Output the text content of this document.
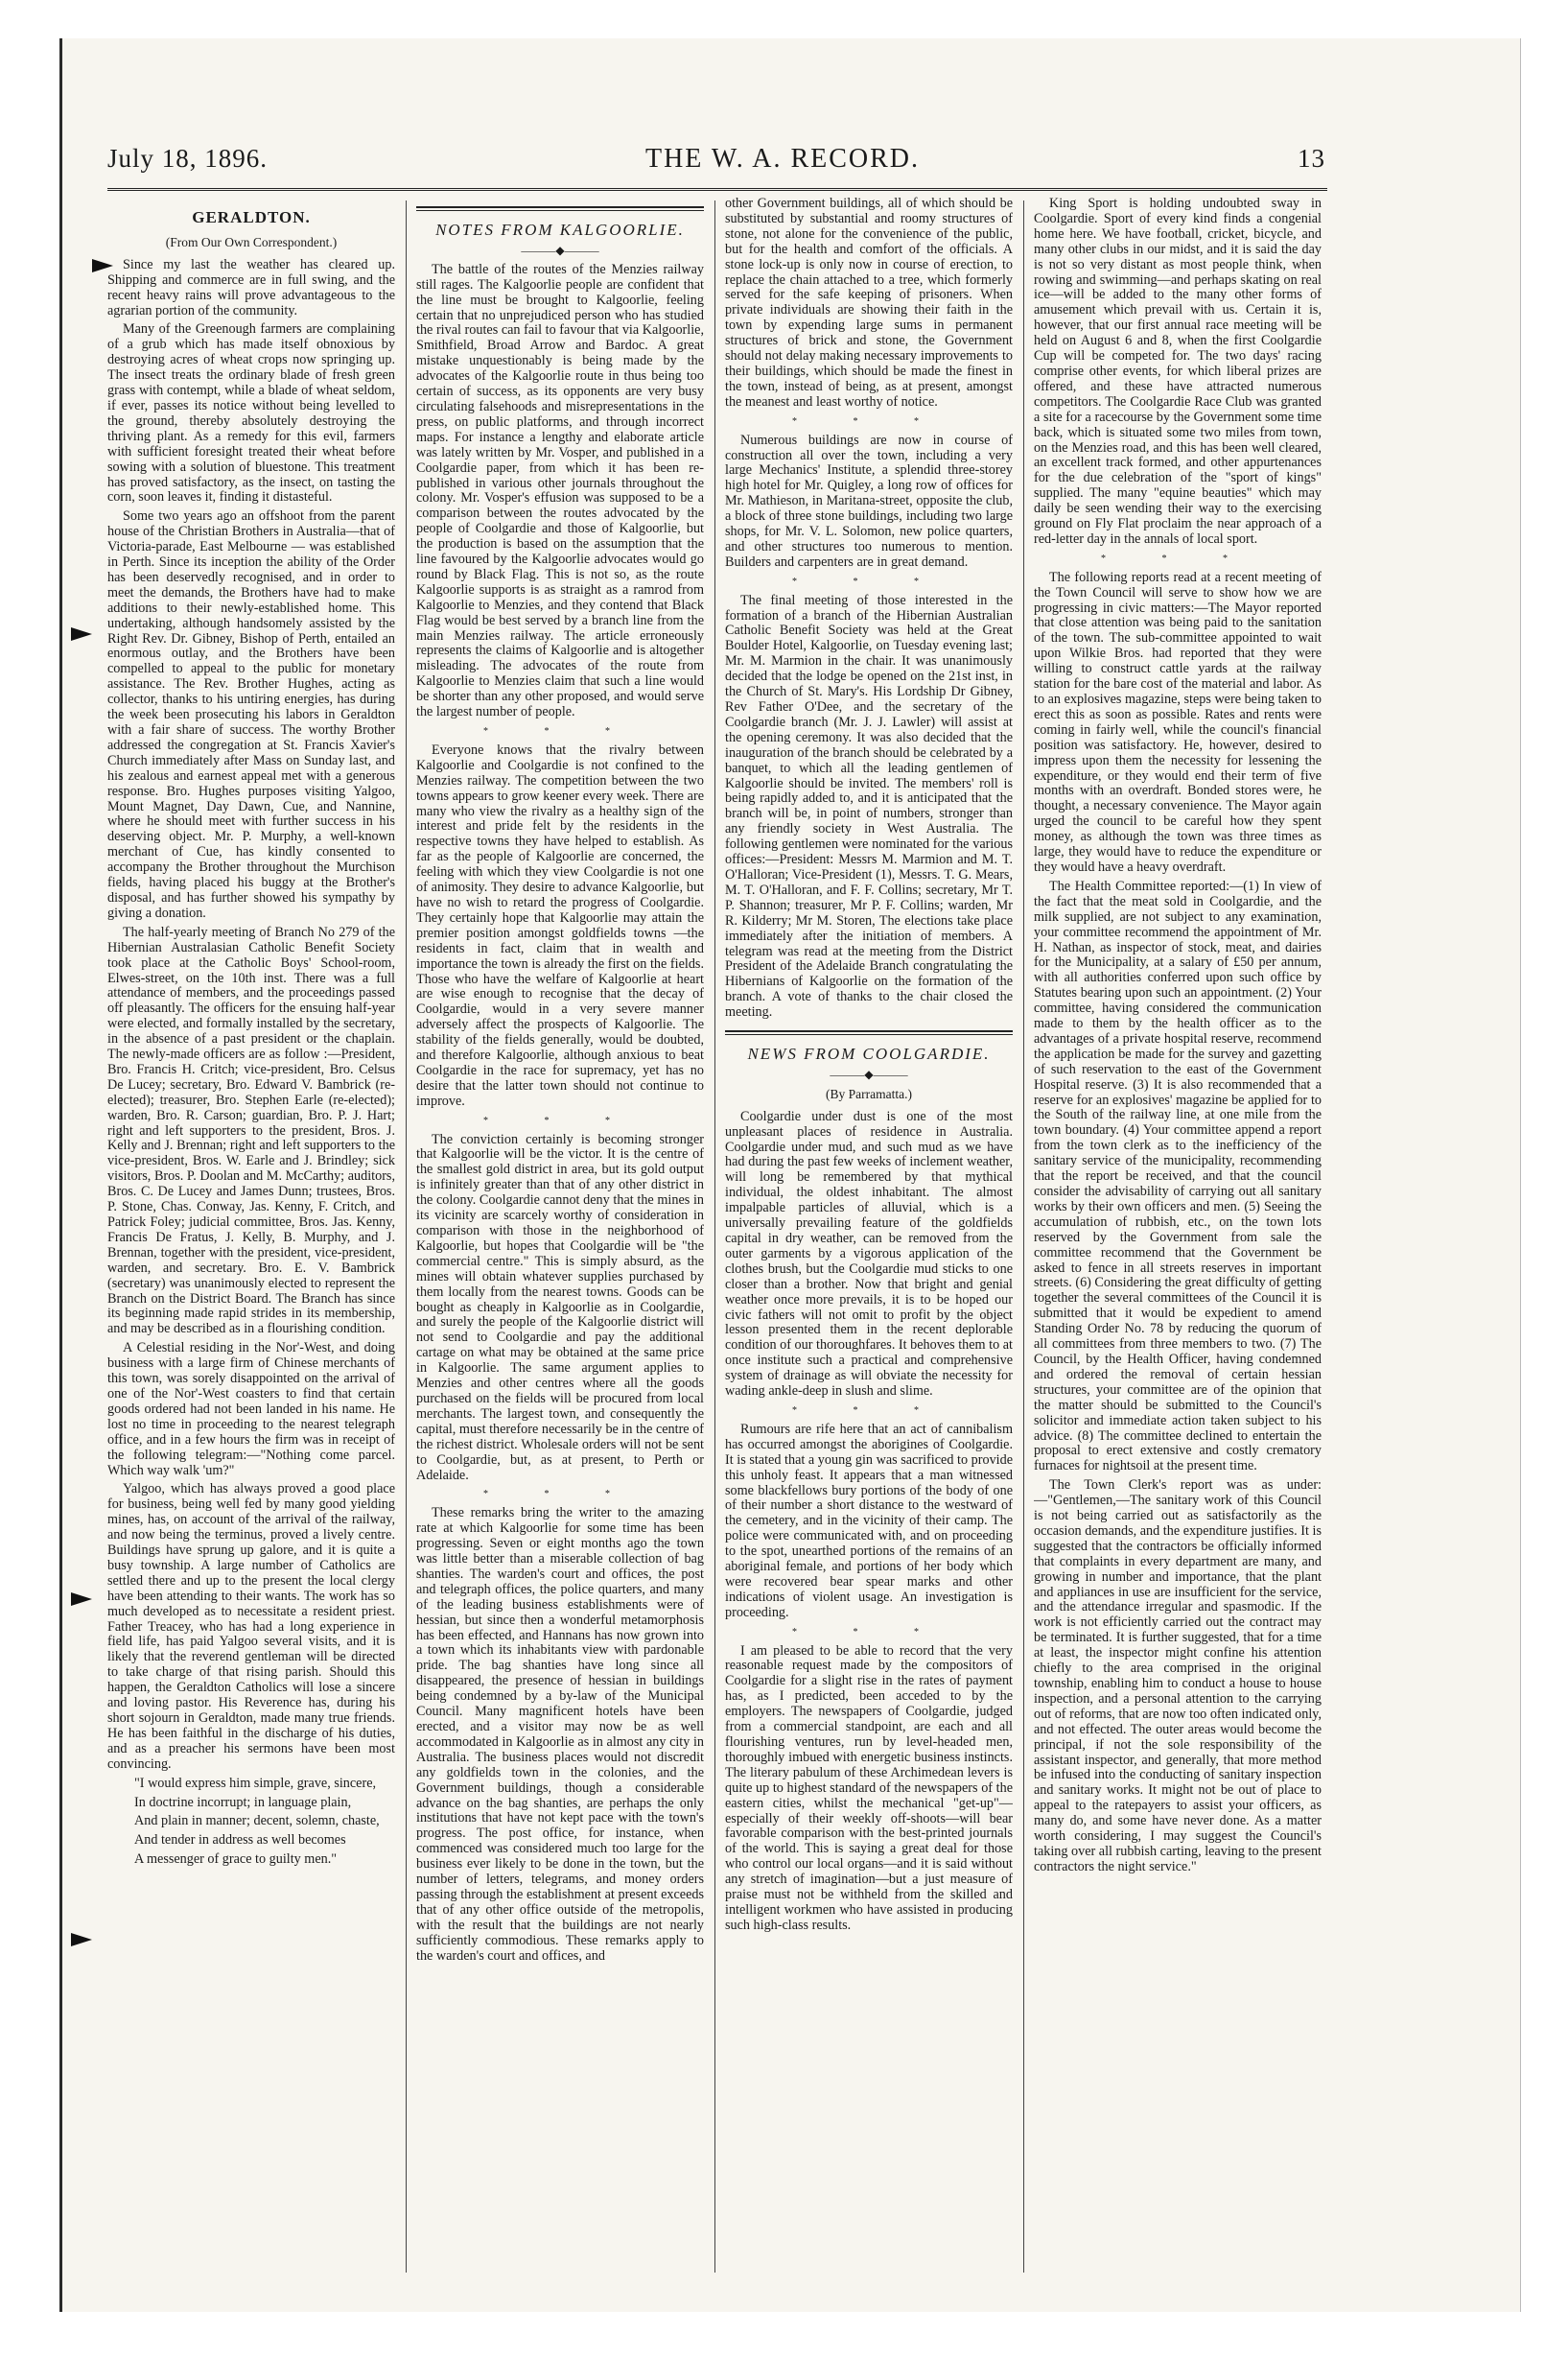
July 18, 1896.	THE W. A. RECORD.	13
GERALDTON.
(From Our Own Correspondent.)

Since my last the weather has cleared up. Shipping and commerce are in full swing, and the recent heavy rains will prove advantageous to the agrarian portion of the community.

Many of the Greenough farmers are complaining of a grub which has made itself obnoxious by destroying acres of wheat crops now springing up. The insect treats the ordinary blade of fresh green grass with contempt, while a blade of wheat seldom, if ever, passes its notice without being levelled to the ground, thereby absolutely destroying the thriving plant. As a remedy for this evil, farmers with sufficient foresight treated their wheat before sowing with a solution of bluestone. This treatment has proved satisfactory, as the insect, on tasting the corn, soon leaves it, finding it distasteful.

Some two years ago an offshoot from the parent house of the Christian Brothers in Australia—that of Victoria-parade, East Melbourne — was established in Perth. Since its inception the ability of the Order has been deservedly recognised, and in order to meet the demands, the Brothers have had to make additions to their newly-established home. This undertaking, although handsomely assisted by the Right Rev. Dr. Gibney, Bishop of Perth, entailed an enormous outlay, and the Brothers have been compelled to appeal to the public for monetary assistance. The Rev. Brother Hughes, acting as collector, thanks to his untiring energies, has during the week been prosecuting his labors in Geraldton with a fair share of success. The worthy Brother addressed the congregation at St. Francis Xavier's Church immediately after Mass on Sunday last, and his zealous and earnest appeal met with a generous response. Bro. Hughes purposes visiting Yalgoo, Mount Magnet, Day Dawn, Cue, and Nannine, where he should meet with further success in his deserving object. Mr. P. Murphy, a well-known merchant of Cue, has kindly consented to accompany the Brother throughout the Murchison fields, having placed his buggy at the Brother's disposal, and has further showed his sympathy by giving a donation.

The half-yearly meeting of Branch No 279 of the Hibernian Australasian Catholic Benefit Society took place at the Catholic Boys' School-room, Elwes-street, on the 10th inst. There was a full attendance of members, and the proceedings passed off pleasantly. The officers for the ensuing half-year were elected, and formally installed by the secretary, in the absence of a past president or the chaplain. The newly-made officers are as follow :—President, Bro. Francis H. Critch; vice-president, Bro. Celsus De Lucey; secretary, Bro. Edward V. Bambrick (re-elected); treasurer, Bro. Stephen Earle (re-elected); warden, Bro. R. Carson; guardian, Bro. P. J. Hart; right and left supporters to the president, Bros. J. Kelly and J. Brennan; right and left supporters to the vice-president, Bros. W. Earle and J. Brindley; sick visitors, Bros. P. Doolan and M. McCarthy; auditors, Bros. C. De Lucey and James Dunn; trustees, Bros. P. Stone, Chas. Conway, Jas. Kenny, F. Critch, and Patrick Foley; judicial committee, Bros. Jas. Kenny, Francis De Fratus, J. Kelly, B. Murphy, and J. Brennan, together with the president, vice-president, warden, and secretary. Bro. E. V. Bambrick (secretary) was unanimously elected to represent the Branch on the District Board. The Branch has since its beginning made rapid strides in its membership, and may be described as in a flourishing condition.

A Celestial residing in the Nor'-West, and doing business with a large firm of Chinese merchants of this town, was sorely disappointed on the arrival of one of the Nor'-West coasters to find that certain goods ordered had not been landed in his name. He lost no time in proceeding to the nearest telegraph office, and in a few hours the firm was in receipt of the following telegram:—"Nothing come parcel. Which way walk 'um?"

Yalgoo, which has always proved a good place for business, being well fed by many good yielding mines, has, on account of the arrival of the railway, and now being the terminus, proved a lively centre. Buildings have sprung up galore, and it is quite a busy township. A large number of Catholics are settled there and up to the present the local clergy have been attending to their wants. The work has so much developed as to necessitate a resident priest. Father Treacey, who has had a long experience in field life, has paid Yalgoo several visits, and it is likely that the reverend gentleman will be directed to take charge of that rising parish. Should this happen, the Geraldton Catholics will lose a sincere and loving pastor. His Reverence has, during his short sojourn in Geraldton, made many true friends. He has been faithful in the discharge of his duties, and as a preacher his sermons have been most convincing.

"I would express him simple, grave, sincere,

In doctrine incorrupt; in language plain,

And plain in manner; decent, solemn, chaste,

And tender in address as well becomes

A messenger of grace to guilty men."

NOTES FROM KALGOORLIE.
———◆———

The battle of the routes of the Menzies railway still rages. The Kalgoorlie people are confident that the line must be brought to Kalgoorlie, feeling certain that no unprejudiced person who has studied the rival routes can fail to favour that via Kalgoorlie, Smithfield, Broad Arrow and Bardoc. A great mistake unquestionably is being made by the advocates of the Kalgoorlie route in thus being too certain of success, as its opponents are very busy circulating falsehoods and misrepresentations in the press, on public platforms, and through incorrect maps. For instance a lengthy and elaborate article was lately written by Mr. Vosper, and published in a Coolgardie paper, from which it has been re-published in various other journals throughout the colony. Mr. Vosper's effusion was supposed to be a comparison between the routes advocated by the people of Coolgardie and those of Kalgoorlie, but the production is based on the assumption that the line favoured by the Kalgoorlie advocates would go round by Black Flag. This is not so, as the route Kalgoorlie supports is as straight as a ramrod from Kalgoorlie to Menzies, and they contend that Black Flag would be best served by a branch line from the main Menzies railway. The article erroneously represents the claims of Kalgoorlie and is altogether misleading. The advocates of the route from Kalgoorlie to Menzies claim that such a line would be shorter than any other proposed, and would serve the largest number of people.

* * *

Everyone knows that the rivalry between Kalgoorlie and Coolgardie is not confined to the Menzies railway. The competition between the two towns appears to grow keener every week. There are many who view the rivalry as a healthy sign of the interest and pride felt by the residents in the respective towns they have helped to establish. As far as the people of Kalgoorlie are concerned, the feeling with which they view Coolgardie is not one of animosity. They desire to advance Kalgoorlie, but have no wish to retard the progress of Coolgardie. They certainly hope that Kalgoorlie may attain the premier position amongst goldfields towns —the residents in fact, claim that in wealth and importance the town is already the first on the fields. Those who have the welfare of Kalgoorlie at heart are wise enough to recognise that the decay of Coolgardie, would in a very severe manner adversely affect the prospects of Kalgoorlie. The stability of the fields generally, would be doubted, and therefore Kalgoorlie, although anxious to beat Coolgardie in the race for supremacy, yet has no desire that the latter town should not continue to improve.

* * *

The conviction certainly is becoming stronger that Kalgoorlie will be the victor. It is the centre of the smallest gold district in area, but its gold output is infinitely greater than that of any other district in the colony. Coolgardie cannot deny that the mines in its vicinity are scarcely worthy of consideration in comparison with those in the neighborhood of Kalgoorlie, but hopes that Coolgardie will be "the commercial centre." This is simply absurd, as the mines will obtain whatever supplies purchased by them locally from the nearest towns. Goods can be bought as cheaply in Kalgoorlie as in Coolgardie, and surely the people of the Kalgoorlie district will not send to Coolgardie and pay the additional cartage on what may be obtained at the same price in Kalgoorlie. The same argument applies to Menzies and other centres where all the goods purchased on the fields will be procured from local merchants. The largest town, and consequently the capital, must therefore necessarily be in the centre of the richest district. Wholesale orders will not be sent to Coolgardie, but, as at present, to Perth or Adelaide.

* * *

These remarks bring the writer to the amazing rate at which Kalgoorlie for some time has been progressing. Seven or eight months ago the town was little better than a miserable collection of bag shanties. The warden's court and offices, the post and telegraph offices, the police quarters, and many of the leading business establishments were of hessian, but since then a wonderful metamorphosis has been effected, and Hannans has now grown into a town which its inhabitants view with pardonable pride. The bag shanties have long since all disappeared, the presence of hessian in buildings being condemned by a by-law of the Municipal Council. Many magnificent hotels have been erected, and a visitor may now be as well accommodated in Kalgoorlie as in almost any city in Australia. The business places would not discredit any goldfields town in the colonies, and the Government buildings, though a considerable advance on the bag shanties, are perhaps the only institutions that have not kept pace with the town's progress. The post office, for instance, when commenced was considered much too large for the business ever likely to be done in the town, but the number of letters, telegrams, and money orders passing through the establishment at present exceeds that of any other office outside of the metropolis, with the result that the buildings are not nearly sufficiently commodious. These remarks apply to the warden's court and offices, and

other Government buildings, all of which should be substituted by substantial and roomy structures of stone, not alone for the convenience of the public, but for the health and comfort of the officials. A stone lock-up is only now in course of erection, to replace the chain attached to a tree, which formerly served for the safe keeping of prisoners. When private individuals are showing their faith in the town by expending large sums in permanent structures of brick and stone, the Government should not delay making necessary improvements to their buildings, which should be made the finest in the town, instead of being, as at present, amongst the meanest and least worthy of notice.

* * *

Numerous buildings are now in course of construction all over the town, including a very large Mechanics' Institute, a splendid three-storey high hotel for Mr. Quigley, a long row of offices for Mr. Mathieson, in Maritana-street, opposite the club, a block of three stone buildings, including two large shops, for Mr. V. L. Solomon, new police quarters, and other structures too numerous to mention. Builders and carpenters are in great demand.

* * *

The final meeting of those interested in the formation of a branch of the Hibernian Australian Catholic Benefit Society was held at the Great Boulder Hotel, Kalgoorlie, on Tuesday evening last; Mr. M. Marmion in the chair. It was unanimously decided that the lodge be opened on the 21st inst, in the Church of St. Mary's. His Lordship Dr Gibney, Rev Father O'Dee, and the secretary of the Coolgardie branch (Mr. J. J. Lawler) will assist at the opening ceremony. It was also decided that the inauguration of the branch should be celebrated by a banquet, to which all the leading gentlemen of Kalgoorlie should be invited. The members' roll is being rapidly added to, and it is anticipated that the branch will be, in point of numbers, stronger than any friendly society in West Australia. The following gentlemen were nominated for the various offices:—President: Messrs M. Marmion and M. T. O'Halloran; Vice-President (1), Messrs. T. G. Mears, M. T. O'Halloran, and F. F. Collins; secretary, Mr T. P. Shannon; treasurer, Mr P. F. Collins; warden, Mr R. Kilderry; Mr M. Storen, The elections take place immediately after the initiation of members. A telegram was read at the meeting from the District President of the Adelaide Branch congratulating the Hibernians of Kalgoorlie on the formation of the branch. A vote of thanks to the chair closed the meeting.

NEWS FROM COOLGARDIE.
———◆———
(By Parramatta.)

Coolgardie under dust is one of the most unpleasant places of residence in Australia. Coolgardie under mud, and such mud as we have had during the past few weeks of inclement weather, will long be remembered by that mythical individual, the oldest inhabitant. The almost impalpable particles of alluvial, which is a universally prevailing feature of the goldfields capital in dry weather, can be removed from the outer garments by a vigorous application of the clothes brush, but the Coolgardie mud sticks to one closer than a brother. Now that bright and genial weather once more prevails, it is to be hoped our civic fathers will not omit to profit by the object lesson presented them in the recent deplorable condition of our thoroughfares. It behoves them to at once institute such a practical and comprehensive system of drainage as will obviate the necessity for wading ankle-deep in slush and slime.

* * *

Rumours are rife here that an act of cannibalism has occurred amongst the aborigines of Coolgardie. It is stated that a young gin was sacrificed to provide this unholy feast. It appears that a man witnessed some blackfellows bury portions of the body of one of their number a short distance to the westward of the cemetery, and in the vicinity of their camp. The police were communicated with, and on proceeding to the spot, unearthed portions of the remains of an aboriginal female, and portions of her body which were recovered bear spear marks and other indications of violent usage. An investigation is proceeding.

* * *

I am pleased to be able to record that the very reasonable request made by the compositors of Coolgardie for a slight rise in the rates of payment has, as I predicted, been acceded to by the employers. The newspapers of Coolgardie, judged from a commercial standpoint, are each and all flourishing ventures, run by level-headed men, thoroughly imbued with energetic business instincts. The literary pabulum of these Archimedean levers is quite up to highest standard of the newspapers of the eastern cities, whilst the mechanical "get-up"—especially of their weekly off-shoots—will bear favorable comparison with the best-printed journals of the world. This is saying a great deal for those who control our local organs—and it is said without any stretch of imagination—but a just measure of praise must not be withheld from the skilled and intelligent workmen who have assisted in producing such high-class results.

King Sport is holding undoubted sway in Coolgardie. Sport of every kind finds a congenial home here. We have football, cricket, bicycle, and many other clubs in our midst, and it is said the day is not so very distant as most people think, when rowing and swimming—and perhaps skating on real ice—will be added to the many other forms of amusement which prevail with us. Certain it is, however, that our first annual race meeting will be held on August 6 and 8, when the first Coolgardie Cup will be competed for. The two days' racing comprise other events, for which liberal prizes are offered, and these have attracted numerous competitors. The Coolgardie Race Club was granted a site for a racecourse by the Government some time back, which is situated some two miles from town, on the Menzies road, and this has been well cleared, an excellent track formed, and other appurtenances for the due celebration of the "sport of kings" supplied. The many "equine beauties" which may daily be seen wending their way to the exercising ground on Fly Flat proclaim the near approach of a red-letter day in the annals of local sport.

* * *

The following reports read at a recent meeting of the Town Council will serve to show how we are progressing in civic matters:—The Mayor reported that close attention was being paid to the sanitation of the town. The sub-committee appointed to wait upon Wilkie Bros. had reported that they were willing to construct cattle yards at the railway station for the bare cost of the material and labor. As to an explosives magazine, steps were being taken to erect this as soon as possible. Rates and rents were coming in fairly well, while the council's financial position was satisfactory. He, however, desired to impress upon them the necessity for lessening the expenditure, or they would end their term of five months with an overdraft. Bonded stores were, he thought, a necessary convenience. The Mayor again urged the council to be careful how they spent money, as although the town was three times as large, they would have to reduce the expenditure or they would have a heavy overdraft.

The Health Committee reported:—(1) In view of the fact that the meat sold in Coolgardie, and the milk supplied, are not subject to any examination, your committee recommend the appointment of Mr. H. Nathan, as inspector of stock, meat, and dairies for the Municipality, at a salary of £50 per annum, with all authorities conferred upon such office by Statutes bearing upon such an appointment. (2) Your committee, having considered the communication made to them by the health officer as to the advantages of a private hospital reserve, recommend the application be made for the survey and gazetting of such reservation to the east of the Government Hospital reserve. (3) It is also recommended that a reserve for an explosives' magazine be applied for to the South of the railway line, at one mile from the town boundary. (4) Your committee append a report from the town clerk as to the inefficiency of the sanitary service of the municipality, recommending that the report be received, and that the council consider the advisability of carrying out all sanitary works by their own officers and men. (5) Seeing the accumulation of rubbish, etc., on the town lots reserved by the Government from sale the committee recommend that the Government be asked to fence in all streets reserves in important streets. (6) Considering the great difficulty of getting together the several committees of the Council it is submitted that it would be expedient to amend Standing Order No. 78 by reducing the quorum of all committees from three members to two. (7) The Council, by the Health Officer, having condemned and ordered the removal of certain hessian structures, your committee are of the opinion that the matter should be submitted to the Council's solicitor and immediate action taken subject to his advice. (8) The committee declined to entertain the proposal to erect extensive and costly crematory furnaces for nightsoil at the present time.

The Town Clerk's report was as under:—"Gentlemen,—The sanitary work of this Council is not being carried out as satisfactorily as the occasion demands, and the expenditure justifies. It is suggested that the contractors be officially informed that complaints in every department are many, and growing in number and importance, that the plant and appliances in use are insufficient for the service, and the attendance irregular and spasmodic. If the work is not efficiently carried out the contract may be terminated. It is further suggested, that for a time at least, the inspector might confine his attention chiefly to the area comprised in the original township, enabling him to conduct a house to house inspection, and a personal attention to the carrying out of reforms, that are now too often indicated only, and not effected. The outer areas would become the principal, if not the sole responsibility of the assistant inspector, and generally, that more method be infused into the conducting of sanitary inspection and sanitary works. It might not be out of place to appeal to the ratepayers to assist your officers, as many do, and some have never done. As a matter worth considering, I may suggest the Council's taking over all rubbish carting, leaving to the present contractors the night service."
